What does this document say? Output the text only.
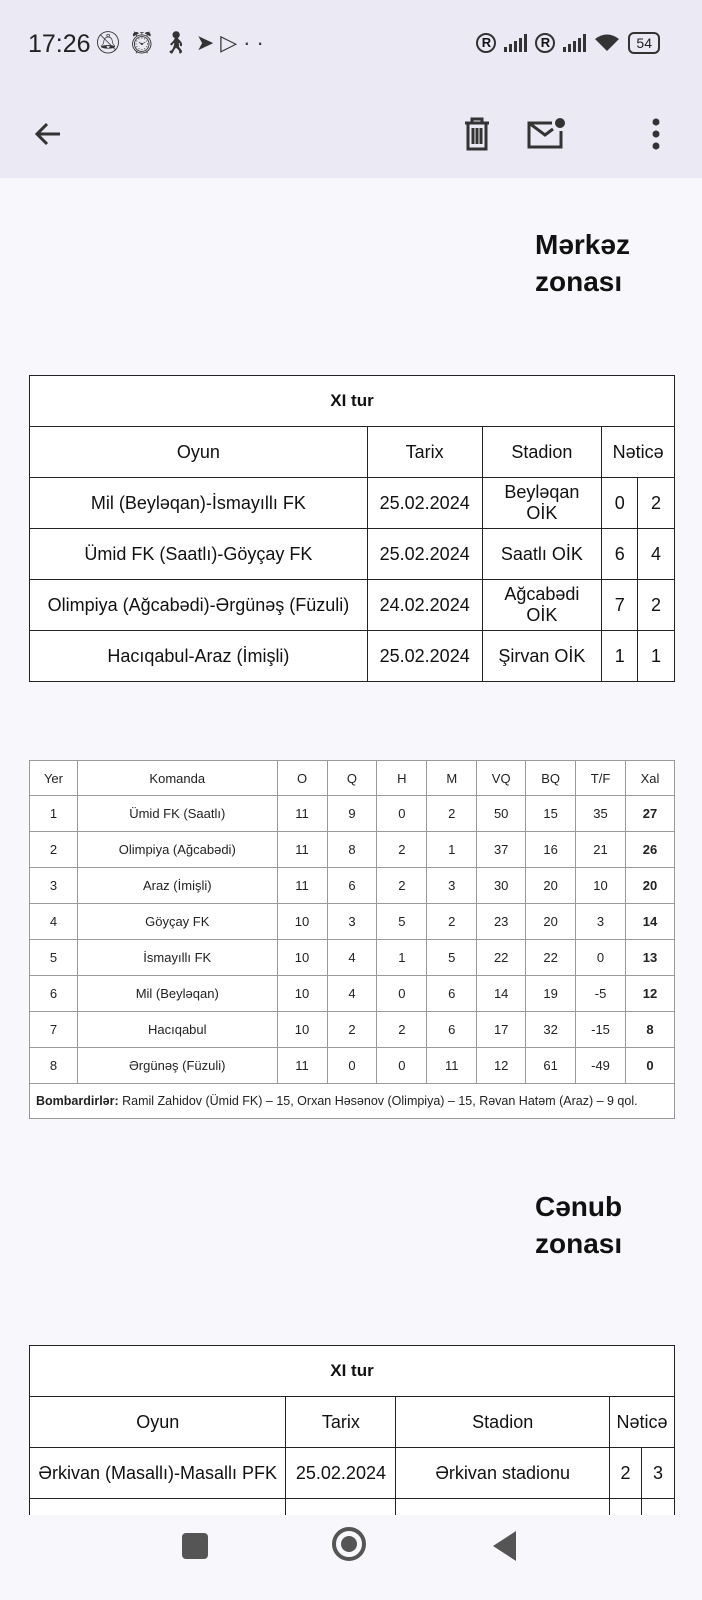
17:26 🔕︎⏰︎🚶︎➤▷··	R	R	54
Mərkəz
zonası
XI tur				
Oyun	Tarix	Stadion	Nəticə	
Mil (Beyləqan)-İsmayıllı FK	25.02.2024	Beyləqan OİK	0	2
Ümid FK (Saatlı)-Göyçay FK	25.02.2024	Saatlı OİK	6	4
Olimpiya (Ağcabədi)-Ərgünəş (Füzuli)	24.02.2024	Ağcabədi OİK	7	2
Hacıqabul-Araz (İmişli)	25.02.2024	Şirvan OİK	1	1
Yer	Komanda	O	Q	H	M	VQ	BQ	T/F	Xal
1	Ümid FK (Saatlı)	11	9	0	2	50	15	35	27
2	Olimpiya (Ağcabədi)	11	8	2	1	37	16	21	26
3	Araz (İmişli)	11	6	2	3	30	20	10	20
4	Göyçay FK	10	3	5	2	23	20	3	14
5	İsmayıllı FK	10	4	1	5	22	22	0	13
6	Mil (Beyləqan)	10	4	0	6	14	19	-5	12
7	Hacıqabul	10	2	2	6	17	32	-15	8
8	Ərgünəş (Füzuli)	11	0	0	11	12	61	-49	0
Bombardirlər: Ramil Zahidov (Ümid FK) – 15, Orxan Həsənov (Olimpiya) – 15, Rəvan Hatəm (Araz) – 9 qol.									
Cənub
zonası
XI tur				
Oyun	Tarix	Stadion	Nəticə	
Ərkivan (Masallı)-Masallı PFK	25.02.2024	Ərkivan stadionu	2	3
